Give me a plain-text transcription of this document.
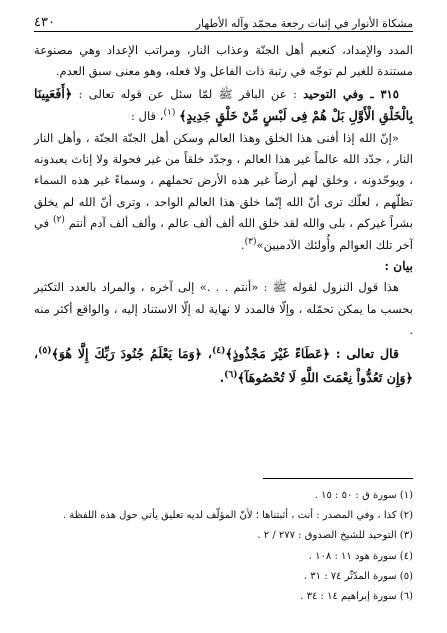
مشكاة الأنوار في إثبات رجعة محمّد وآله الأطهار
٤٣٠

المدد والإمداد، كنعيم أهل الجنّة وعذاب النار، ومراتب الإعداد وهي مصنوعة مستندة للغير لم توجّه في رتبة ذات الفاعل ولا فعله، وهو معنى سبق العدم.

٣١٥ ـ وفي التوحيد : عن الباقر ﷺ لمّا سئل عن قوله تعالى : ﴿أَفَعَيِينَا بِالْخَلْقِ الْأَوَّلِ بَلْ هُمْ فِى لَبْسٍ مِّنْ خَلْقٍ جَدِيدٍ﴾ $^{(١)}$، قال :

«إنّ الله إذا أفنى هذا الخلق وهذا العالم وسكن أهل الجنّة الجنّة ، وأهل النار النار ، جدّد الله عالماً غير هذا العالم ، وجدّد خلقاً من غير فحولة ولا إناث يعبدونه ، ويوحّدونه ، وخلق لهم أرضاً غير هذه الأرض تحملهم ، وسماءً غير هذه السماء تظلّهم ، لعلّك ترى أنّ الله إنّما خلق هذا العالم الواحد ، وترى أنّ الله لم يخلق بشراً غيركم ، بلى والله لقد خلق الله ألف ألف عالم ، وألف ألف آدم أنتم $^{(٢)}$ في آخر تلك العوالم وأُولئك الآدميين»$^{(٣)}$.

بيان :

هذا قول النزول لقوله ﷺ : «أنتم . . .» إلى آخره ، والمراد بالعدد التكثير بحسب ما يمكن تحمّله ، وإلّا فالمدد لا نهاية له إلّا الاستناد إليه ، والواقع أكثر منه .

قال تعالى : ﴿عَطَاءً غَيْرَ مَجْذُوذٍ﴾$^{(٤)}$، ﴿وَمَا يَعْلَمُ جُنُودَ رَبِّكَ إِلَّا هُوَ﴾$^{(٥)}$، ﴿وَإِن تَعُدُّواْ نِعْمَتَ اللَّهِ لَا تُحْصُوهَآ﴾$^{(٦)}$.

(١) سورة ق : ٥٠ : ١٥ .
(٢) كذا ، وفي المصدر : أنت ، أثبتناها ؛ لأنّ المؤلّف لديه تعليق يأتي حول هذه اللفظة .
(٣) التوحيد للشيخ الصدوق : ٢٧٧ / ٢ .
(٤) سورة هود ١١ : ١٠٨ .
(٥) سورة المدّثّر ٧٤ : ٣١ .
(٦) سورة إبراهيم ١٤ : ٣٤ .
